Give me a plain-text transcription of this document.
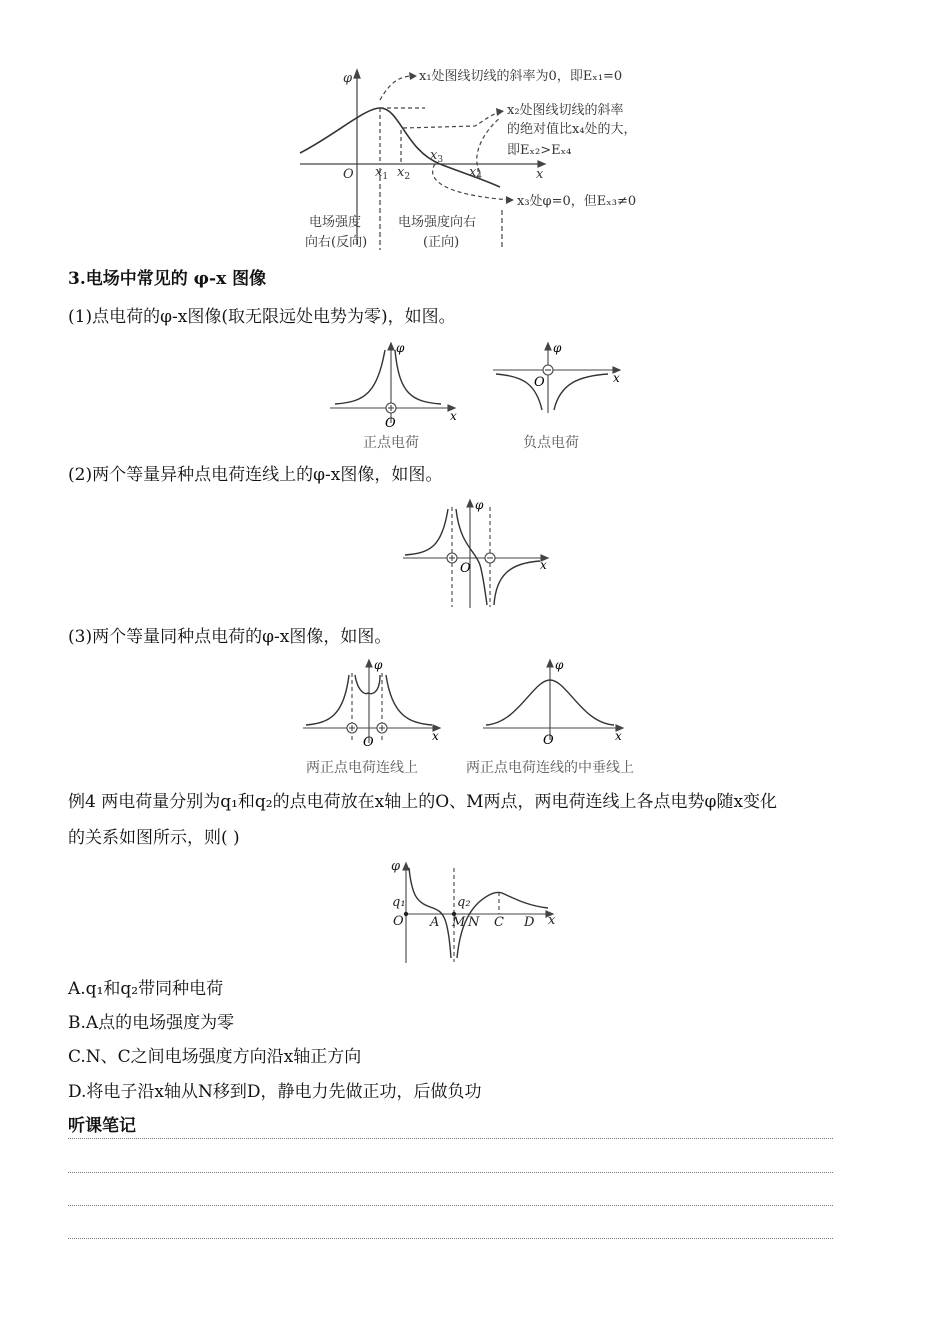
φ
x
O $x_1$ $x_2$
$x_3$
$x_4$
x₁处图线切线的斜率为0，即Eₓ₁=0
x₂处图线切线的斜率
的绝对值比x₄处的大，
即Eₓ₂>Eₓ₄
x₃处φ=0，但Eₓ₃≠0
电场强度
向右(反向)
电场强度向右
(正向)
3.电场中常见的 φ-x 图像
(1)点电荷的φ-x图像(取无限远处电势为零)，如图。
φ
x
O
正点电荷
φ
x
O
负点电荷
(2)两个等量异种点电荷连线上的φ-x图像，如图。
φ
x
O
(3)两个等量同种点电荷的φ-x图像，如图。
φ
x
O
两正点电荷连线上
φ
x
O
两正点电荷连线的中垂线上
例4 两电荷量分别为q₁和q₂的点电荷放在x轴上的O、M两点，两电荷连线上各点电势φ随x变化
的关系如图所示，则( )
φ
q₁	q₂
O A M N C D x
A.q₁和q₂带同种电荷
B.A点的电场强度为零
C.N、C之间电场强度方向沿x轴正方向
D.将电子沿x轴从N移到D，静电力先做正功，后做负功
听课笔记
